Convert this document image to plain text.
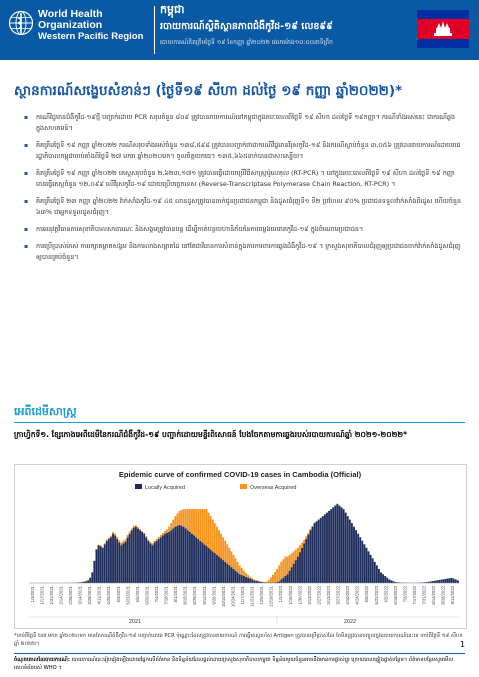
World Health
Organization
Western Pacific Region
កម្ពុជា
របាយការណ៍ស្ថិតិស្ថានភាពជំងឺកូវីដ-១៩ លេខ៩៩
របាយការណ៍គិតត្រឹមថ្ងៃទី ១៩ ខែកញ្ញា ឆ្នាំ២០២២ វេលាម៉ោង១០:០០នាទីព្រឹក
ស្ថានការណ៍សង្ខេបសំខាន់ៗ (ថ្ងៃទី១៩ សីហា ដល់ថ្ងៃ ១៩ កញ្ញា ឆ្នាំ២០២២)*
▪ ករណីវិជ្ជមានជំងឺកូវីដ-១៩ថ្មី បញ្ជាក់ដោយ PCR សរុបចំនួន ៨០៩ ត្រូវបានរាយការណ៍នៅកម្ពុជាក្នុងរយៈពេលពីថ្ងៃទី ១៩ សីហា ដល់ថ្ងៃទី ១៩កញ្ញា។ ករណីទាំងអស់នេះ ជាករណីឆ្លងក្នុងសហគមន៍។
▪ គិតត្រឹមថ្ងៃទី ១៩ កញ្ញា ឆ្នាំ២០២២ ករណីសរុបទាំងអស់ចំនួន ១៣៨,៥៩៨ ត្រូវបានបញ្ជាក់ថាជាករណីវិជ្ជមានវីរុសកូវីដ-១៩ និងករណីស្លាប់ចំនួន ៣,០៥៦ ត្រូវបានរាយការណ៍ដោយរាជរដ្ឋាភិបាលកម្ពុជាចាប់តាំងពីថ្ងៃទី ២៧ មករា ឆ្នាំ២០២០មក។ ចូលចិត្តយកធេ។ ១៣៥,៦៦៥នាក់បានជាសះស្បើយ។
▪ គិតត្រឹមថ្ងៃទី ១៩ កញ្ញា ឆ្នាំ២០២២ តេស្តសរុបចំនួន ២,៦២៣,១៧១ ត្រូវបានធ្វើដោយប្រើវិធីសាស្ត្រម៉ូលេគុល (RT-PCR) ។ នៅក្នុងរយៈពេលពីថ្ងៃទី ១៩ សីហា ដល់ថ្ងៃទី ១៩ កញ្ញា មានធ្វើតេស្តចំនួន ១២,០៩៩ លើវីរុសកូវីដ-១៩ ដោយប្រើបច្ចេកទេស (Reverse-Transcriptase Polymerase Chain Reaction, RT-PCR) ។
▪ គិតត្រឹមថ្ងៃទី ២៣ កញ្ញា ឆ្នាំ២០២២ វ៉ាក់សាំងកូវីដ-១៩ ៤៥ លានដូសត្រូវបានចាក់ជូនប្រជាជនកម្ពុជា និងដូសជំរុញទី១ ទី២ ប្រហែល ៩០% ប្រជាជនទទួលវ៉ាក់សាំងពីរដូស ហើយចំនួន ៦៣% ជាអ្នកទទួលដូសជំរុញ។
▪ ការអនុវត្តវិធានការសុខាភិបាលសាធារណៈ និងសង្គមត្រូវបានបន្ត ដើម្បីកាត់បន្ថយហានិភ័យនៃការចម្លងមេរោគកូវីដ-១៩ ក្នុងចំណោមប្រជាជន។
▪ ការប្រើប្រាស់ម៉ាស់ ការរក្សាគម្លាតសង្គម និងការលាងសម្អាតដៃ នៅតែជាវិធានការសំខាន់ក្នុងការការពារការឆ្លងជំងឺកូវីដ-១៩ ។ ក្រសួងសុខាភិបាលជំរុញឲ្យប្រជាជនចាក់វ៉ាក់សាំងដូសជំរុញឲ្យបានគ្រប់ចំនួន។
អេពីដេមីសាស្ត្រ
ក្រាហ្វិកទី១. ខ្សែកោងអេពីដេមីនៃករណីជំងឺកូវីដ-១៩ បញ្ជាក់ដោយមន្ទីរពិសោធន៍ បែងចែកតាមការឆ្លងរបស់របាយការណ៍ឆ្នាំ ២០២១-២០២២*
Epidemic curve of confirmed COVID-19 cases in Cambodia (Official)
Locally Acquired	Overseas Acquired
1/3/2021 1/17/2021 1/31/2021 2/14/2021 2/28/2021 3/14/2021 3/28/2021 4/11/2021 4/25/2021 5/9/2021 5/23/2021 6/6/2021 6/20/2021 7/4/2021 7/18/2021 8/1/2021 8/15/2021 8/29/2021 9/12/2021 9/26/2021 10/10/2021 10/24/2021 11/7/2021 11/21/2021 12/5/2021 12/19/2021 1/2/2022 1/16/2022 1/30/2022 2/13/2022 2/27/2022 3/13/2022 3/27/2022 4/10/2022 4/24/2022 5/8/2022 5/22/2022 6/5/2022 6/19/2022 7/3/2022 7/17/2022 7/31/2022 8/14/2022 8/28/2022 9/11/2022
2021	2022
*ចាប់ពីថ្ងៃទី ២៧ មករា ឆ្នាំ២០២០មក មានតែករណីជំងឺកូវីដ-១៩ បញ្ជាក់ដោយ PCR ប៉ុណ្ណោះដែលត្រូវបានរាយការណ៍ ការធ្វើតេស្តរហ័ស Antigen ត្រូវបានប្រើប្រាស់ដែរ តែមិនត្រូវបានបញ្ចូលក្នុងរបាយការណ៍នេះទេ ចាប់ពីថ្ងៃទី ១៩ សីហា ឆ្នាំ ២០២២។	1
ចំណុចគោលនៃរបាយការណ៍: របាយការណ៍នេះរៀបរៀងឡើងដោយផ្អែកលើព័ត៌មាន និងទិន្នន័យដែលផ្តល់ដោយក្រសួងសុខាភិបាលកម្ពុជា ទិន្នន័យមួយចំនួនអាចនឹងមានការផ្លាស់ប្តូរ ក្រោយពេលផ្ទៀងផ្ទាត់បន្ថែម។ ព័ត៌មានបន្ថែមសូមមើលគេហទំព័ររបស់ WHO ។
